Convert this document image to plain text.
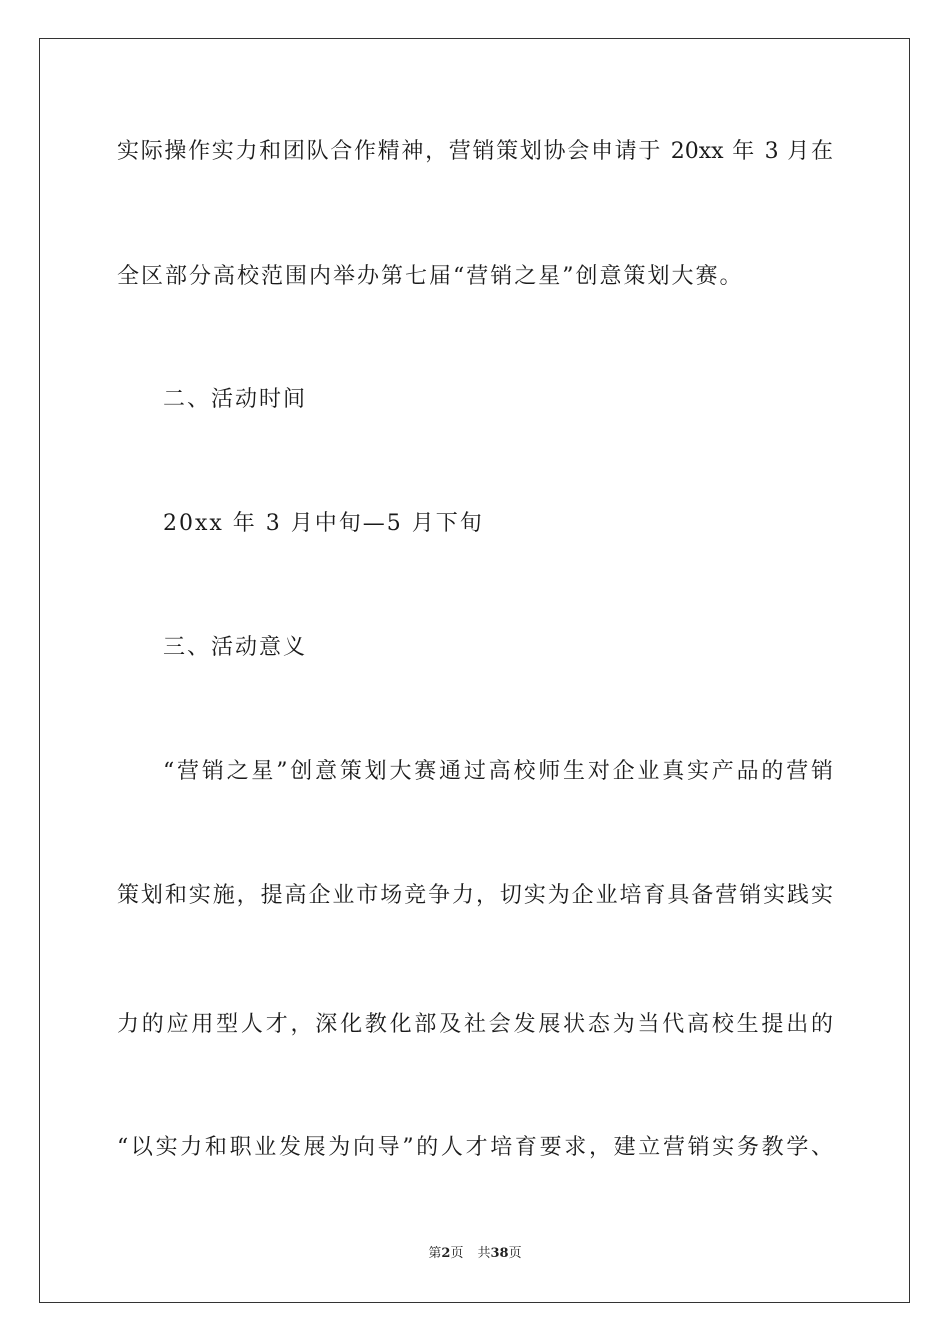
实际操作实力和团队合作精神，营销策划协会申请于 20xx 年 3 月在
全区部分高校范围内举办第七届“营销之星”创意策划大赛。
二、活动时间
20xx 年 3 月中旬—5 月下旬
三、活动意义
“营销之星”创意策划大赛通过高校师生对企业真实产品的营销
策划和实施，提高企业市场竞争力，切实为企业培育具备营销实践实
力的应用型人才，深化教化部及社会发展状态为当代高校生提出的
“以实力和职业发展为向导”的人才培育要求，建立营销实务教学、
第2页 共38页
